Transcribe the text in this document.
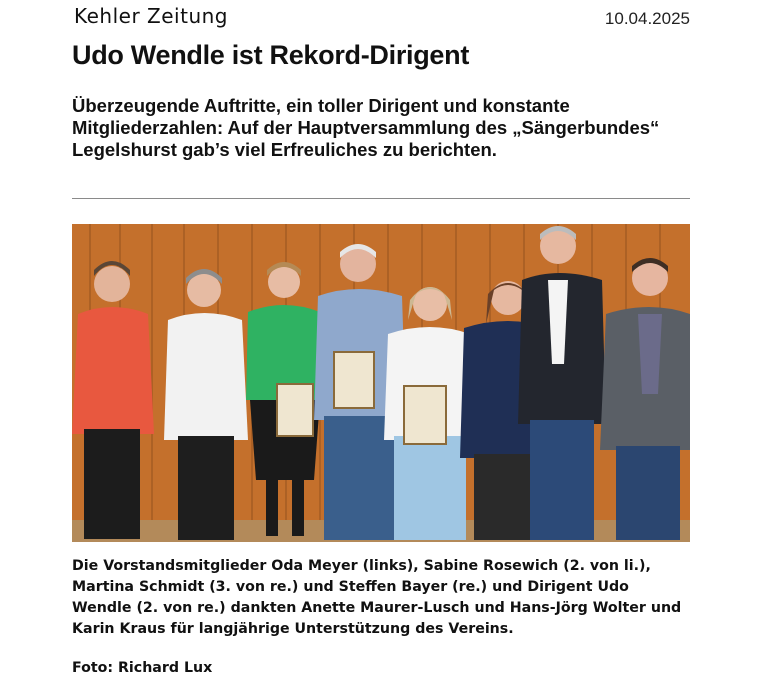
Kehler Zeitung	10.04.2025
Udo Wendle ist Rekord-Dirigent

Überzeugende Auftritte, ein toller Dirigent und konstante Mitgliederzahlen: Auf der Hauptversammlung des „Sängerbundes“ Legelshurst gab’s viel Erfreuliches zu berichten.

Die Vorstandsmitglieder Oda Meyer (links), Sabine Rosewich (2. von li.), Martina Schmidt (3. von re.) und Steffen Bayer (re.) und Dirigent Udo Wendle (2. von re.) dankten Anette Maurer-Lusch und Hans-Jörg Wolter und Karin Kraus für langjährige Unterstützung des Vereins.

Foto: Richard Lux
